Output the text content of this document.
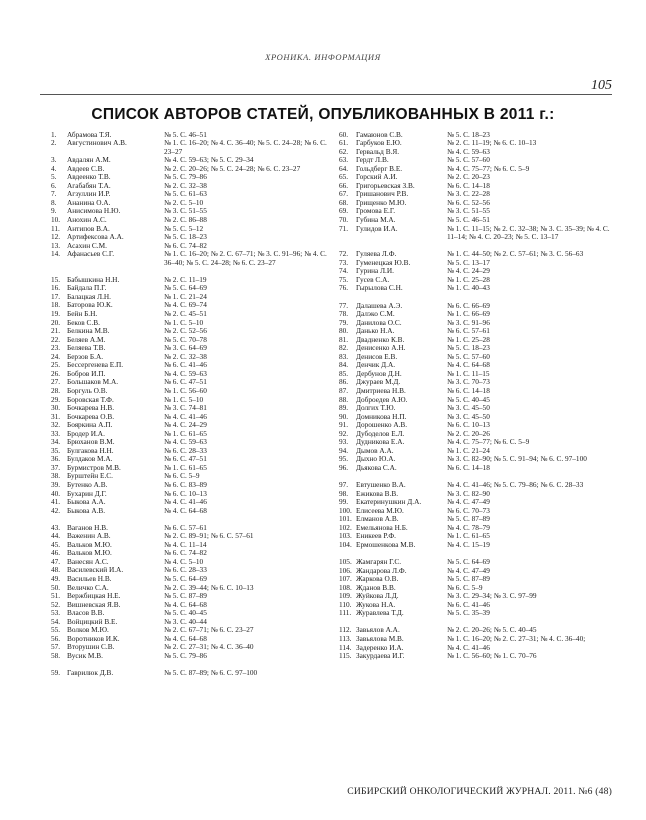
ХРОНИКА. ИНФОРМАЦИЯ
105
СПИСОК АВТОРОВ СТАТЕЙ, ОПУБЛИКОВАННЫХ В 2011 г.:
1.	Абрамова Т.Я.	№ 5. С. 46–51
2.	Августинович А.В.	№ 1. С. 16–20; № 4. С. 36–40; № 5. С. 24–28; № 6. С. 23–27
3.	Авдалян А.М.	№ 4. С. 59–63; № 5. С. 29–34
4.	Авдеев С.В.	№ 2. С. 20–26; № 5. С. 24–28; № 6. С. 23–27
5.	Авдеенко Т.В.	№ 5. С. 79–86
6.	Агабабян Т.А.	№ 2. С. 32–38
7.	Агзуллин И.Р.	№ 5. С. 61–63
8.	Ананина О.А.	№ 2. С. 5–10
9.	Анисимова Н.Ю.	№ 3. С. 51–55
10. Анохин А.С.	№ 2. С. 86–88
11. Антипов В.А.	№ 5. С. 5–12
12. Артифексова А.А.	№ 5. С. 18–23
13. Асахин С.М.	№ 6. С. 74–82
14. Афанасьев С.Г.	№ 1. С. 16–20; № 2. С. 67–71; № 3. С. 91–96; № 4. С. 36–40; № 5. С. 24–28; № 6. С. 23–27
15. Бабышкина Н.Н.	№ 2. С. 11–19
16. Байдала П.Г.	№ 5. С. 64–69
17. Балацкая Л.Н.	№ 1. С. 21–24
18. Баторова Ю.К.	№ 4. С. 69–74
19. Бейн Б.Н.	№ 2. С. 45–51
20. Беков С.В.	№ 1. С. 5–10
21. Белкина М.В.	№ 2. С. 52–56
22. Беляев А.М.	№ 5. С. 70–78
23. Беляева Т.В.	№ 3. С. 64–69
24. Берзов Б.А.	№ 2. С. 32–38
25. Бессергенева Е.П.	№ 6. С. 41–46
26. Бобров И.П.	№ 4. С. 59–63
27. Большаков М.А.	№ 6. С. 47–51
28. Боргуль О.В.	№ 1. С. 56–60
29. Боровская Т.Ф.	№ 1. С. 5–10
30. Бочкарева Н.В.	№ 3. С. 74–81
31. Бочкарева О.В.	№ 4. С. 41–46
32. Бояркина А.П.	№ 4. С. 24–29
33. Бродер И.А.	№ 1. С. 61–65
34. Брюханов В.М.	№ 4. С. 59–63
35. Булгакова Н.Н.	№ 6. С. 28–33
36. Булдаков М.А.	№ 6. С. 47–51
37. Бурмистров М.В.	№ 1. С. 61–65
38. Бурштейн Е.С.	№ 6. С. 5–9
39. Бутенко А.В.	№ 6. С. 83–89
40. Бухарин Д.Г.	№ 6. С. 10–13
41. Быкова А.А.	№ 4. С. 41–46
42. Быкова А.В.	№ 4. С. 64–68
43. Ваганов Н.В.	№ 6. С. 57–61
44. Важенин А.В.	№ 2. С. 89–91; № 6. С. 57–61
45. Вальков М.Ю.	№ 4. С. 11–14
46. Вальков М.Ю.	№ 6. С. 74–82
47. Ванесян А.С.	№ 4. С. 5–10
48. Василевский И.А.	№ 6. С. 28–33
49. Васильев Н.В.	№ 5. С. 64–69
50. Величко С.А.	№ 2. С. 39–44; № 6. С. 10–13
51. Вержбицкая Н.Е.	№ 5. С. 87–89
52. Вишневская Я.В.	№ 4. С. 64–68
53. Власов В.В.	№ 5. С. 40–45
54. Войцицкий В.Е.	№ 3. С. 40–44
55. Волков М.Ю.	№ 2. С. 67–71; № 6. С. 23–27
56. Воротников И.К.	№ 4. С. 64–68
57. Вторушин С.В.	№ 2. С. 27–31; № 4. С. 36–40
58. Вусик М.В.	№ 5. С. 79–86
59. Гаврилюк Д.В.	№ 5. С. 87–89; № 6. С. 97–100
60.	Гамаюнов С.В.	№ 5. С. 18–23
61.	Гарбуков Е.Ю.	№ 2. С. 11–19; № 6. С. 10–13
62.	Гервальд В.Я.	№ 4. С. 59–63
63.	Гердт Л.В.	№ 5. С. 57–60
64.	Гольдберг В.Е.	№ 4. С. 75–77; № 6. С. 5–9
65.	Горский А.И.	№ 2. С. 20–23
66.	Григорьевская З.В.	№ 6. С. 14–18
67.	Гришанович Р.В.	№ 3. С. 22–28
68.	Грищенко М.Ю.	№ 6. С. 52–56
69.	Громова Е.Г.	№ 3. С. 51–55
70.	Губина М.А.	№ 5. С. 46–51
71.	Гулидов И.А.	№ 1. С. 11–15; № 2. С. 32–38; № 3. С. 35–39; № 4. С. 11–14; № 4. С. 20–23; № 5. С. 13–17
72.	Гуляева Л.Ф.	№ 1. С. 44–50; № 2. С. 57–61; № 3. С. 56–63
73.	Гуменецкая Ю.В.	№ 5. С. 13–17
74.	Гурина Л.И.	№ 4. С. 24–29
75.	Гусев С.А.	№ 1. С. 25–28
76.	Гырылова С.Н.	№ 1. С. 40–43
77.	Далашева А.Э.	№ 6. С. 66–69
78.	Далэко С.М.	№ 1. С. 66–69
79.	Данилова О.С.	№ 3. С. 91–96
80.	Данько Н.А.	№ 6. С. 57–61
81.	Двадненко К.В.	№ 1. С. 25–28
82.	Денисенко А.Н.	№ 5. С. 18–23
83.	Денисов Е.В.	№ 5. С. 57–60
84.	Денчик Д.А.	№ 4. С. 64–68
85.	Дербунов Д.Н.	№ 1. С. 11–15
86.	Джураев М.Д.	№ 3. С. 70–73
87.	Дмитриева Н.В.	№ 6. С. 14–18
88.	Доброедев А.Ю.	№ 5. С. 40–45
89.	Долгих Т.Ю.	№ 3. С. 45–50
90.	Домникова Н.П.	№ 3. С. 45–50
91.	Дорошенко А.В.	№ 6. С. 10–13
92.	Дубоделов Е.Л.	№ 2. С. 20–26
93.	Дудникова Е.А.	№ 4. С. 75–77; № 6. С. 5–9
94.	Дымов А.А.	№ 1. С. 21–24
95.	Дыхно Ю.А.	№ 3. С. 82–90; № 5. С. 91–94; № 6. С. 97–100
96.	Дьякова С.А.	№ 6. С. 14–18
97.	Евтушенко В.А.	№ 4. С. 41–46; № 5. С. 79–86; № 6. С. 28–33
98.	Ежикова В.В.	№ 3. С. 82–90
99.	Екатеринушкин Д.А.	№ 4. С. 47–49
100. Елисеева М.Ю.	№ 6. С. 70–73
101. Елманов А.В.	№ 5. С. 87–89
102. Емельянова Н.Б.	№ 4. С. 78–79
103. Еникеев Р.Ф.	№ 1. С. 61–65
104. Ермошенкова М.В.	№ 4. С. 15–19
105. Жамгарян Г.С.	№ 5. С. 64–69
106. Жандарова Л.Ф.	№ 4. С. 47–49
107. Жаркова О.В.	№ 5. С. 87–89
108. Жданов В.В.	№ 6. С. 5–9
109. Жуйкова Л.Д.	№ 3. С. 29–34; № 3. С. 97–99
110. Жукова Н.А.	№ 6. С. 41–46
111. Журавлева Т.Д.	№ 5. С. 35–39
112. Завьялов А.А.	№ 2. С. 20–26; № 5. С. 40–45
113. Завьялова М.В.	№ 1. С. 16–20; № 2. С. 27–31; № 4. С. 36–40;
114. Задеренко И.А.	№ 4. С. 41–46
115. Закурдаева И.Г.	№ 1. С. 56–60; № 1. С. 70–76
СИБИРСКИЙ ОНКОЛОГИЧЕСКИЙ ЖУРНАЛ. 2011. №6 (48)
